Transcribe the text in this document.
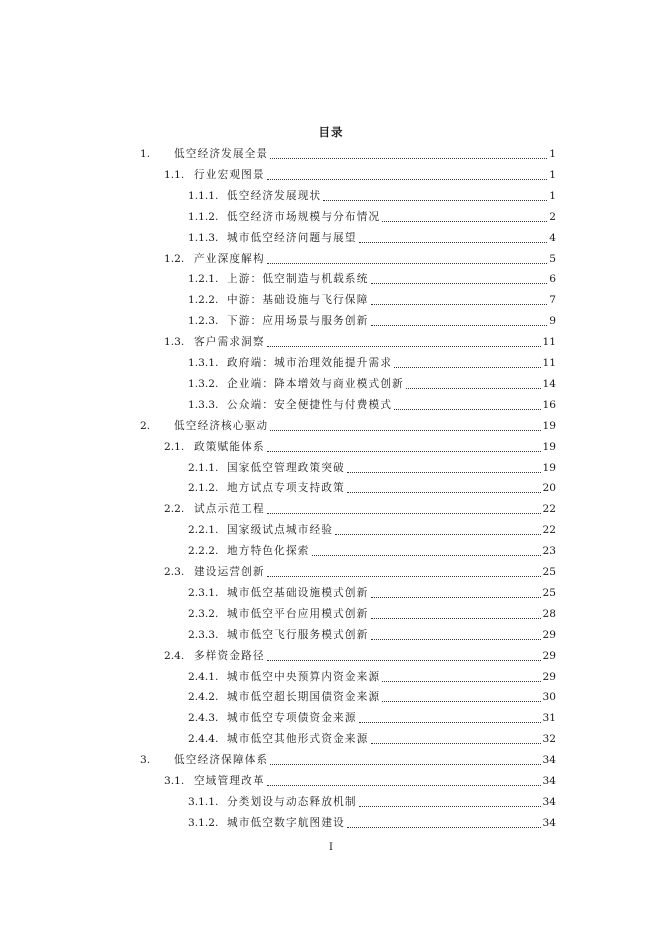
目录
1.	低空经济发展全景	1
1.1. 行业宏观图景	1
1.1.1. 低空经济发展现状	1
1.1.2. 低空经济市场规模与分布情况	2
1.1.3. 城市低空经济问题与展望	4
1.2. 产业深度解构	5
1.2.1. 上游：低空制造与机载系统	6
1.2.2. 中游：基础设施与飞行保障	7
1.2.3. 下游：应用场景与服务创新	9
1.3. 客户需求洞察	11
1.3.1. 政府端：城市治理效能提升需求	11
1.3.2. 企业端：降本增效与商业模式创新	14
1.3.3. 公众端：安全便捷性与付费模式	16
2.	低空经济核心驱动	19
2.1. 政策赋能体系	19
2.1.1. 国家低空管理政策突破	19
2.1.2. 地方试点专项支持政策	20
2.2. 试点示范工程	22
2.2.1. 国家级试点城市经验	22
2.2.2. 地方特色化探索	23
2.3. 建设运营创新	25
2.3.1. 城市低空基础设施模式创新	25
2.3.2. 城市低空平台应用模式创新	28
2.3.3. 城市低空飞行服务模式创新	29
2.4. 多样资金路径	29
2.4.1. 城市低空中央预算内资金来源	29
2.4.2. 城市低空超长期国债资金来源	30
2.4.3. 城市低空专项债资金来源	31
2.4.4. 城市低空其他形式资金来源	32
3.	低空经济保障体系	34
3.1. 空域管理改革	34
3.1.1. 分类划设与动态释放机制	34
3.1.2. 城市低空数字航图建设	34
I
